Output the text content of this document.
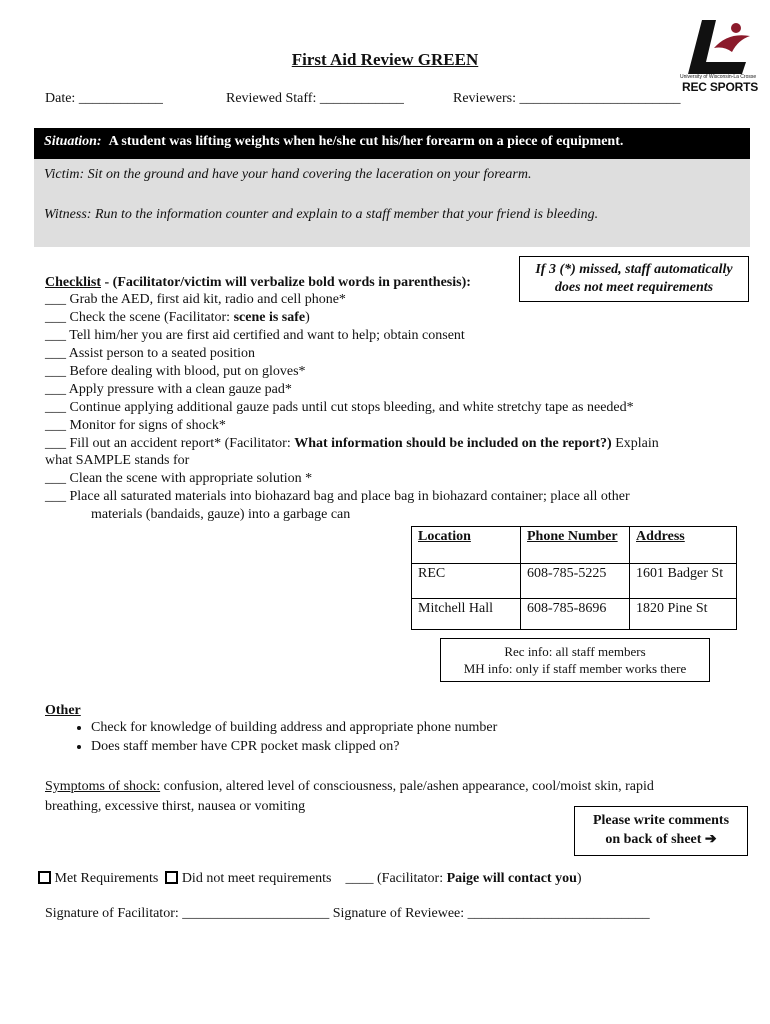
First Aid Review GREEN
University of Wisconsin-La Crosse
REC SPORTS
Date: ____________	Reviewed Staff: ____________	Reviewers: _______________________
Situation: A student was lifting weights when he/she cut his/her forearm on a piece of equipment.
Victim: Sit on the ground and have your hand covering the laceration on your forearm.
Witness: Run to the information counter and explain to a staff member that your friend is bleeding.
If 3 (*) missed, staff automatically
does not meet requirements
Checklist - (Facilitator/victim will verbalize bold words in parenthesis):
___ Grab the AED, first aid kit, radio and cell phone*
___ Check the scene (Facilitator: scene is safe)
___ Tell him/her you are first aid certified and want to help; obtain consent
___ Assist person to a seated position
___ Before dealing with blood, put on gloves*
___ Apply pressure with a clean gauze pad*
___ Continue applying additional gauze pads until cut stops bleeding, and white stretchy tape as needed*
___ Monitor for signs of shock*
___ Fill out an accident report* (Facilitator: What information should be included on the report?) Explain
what SAMPLE stands for
___ Clean the scene with appropriate solution *
___ Place all saturated materials into biohazard bag and place bag in biohazard container; place all other
materials (bandaids, gauze) into a garbage can
Location	Phone Number	Address
REC	608-785-5225	1601 Badger St
Mitchell Hall	608-785-8696	1820 Pine St
Rec info: all staff members
MH info: only if staff member works there
Other
• Check for knowledge of building address and appropriate phone number
• Does staff member have CPR pocket mask clipped on?
Symptoms of shock: confusion, altered level of consciousness, pale/ashen appearance, cool/moist skin, rapid
breathing, excessive thirst, nausea or vomiting
Please write comments
on back of sheet ➔
Met Requirements Did not meet requirements ____ (Facilitator: Paige will contact you)
Signature of Facilitator: _____________________ Signature of Reviewee: __________________________
